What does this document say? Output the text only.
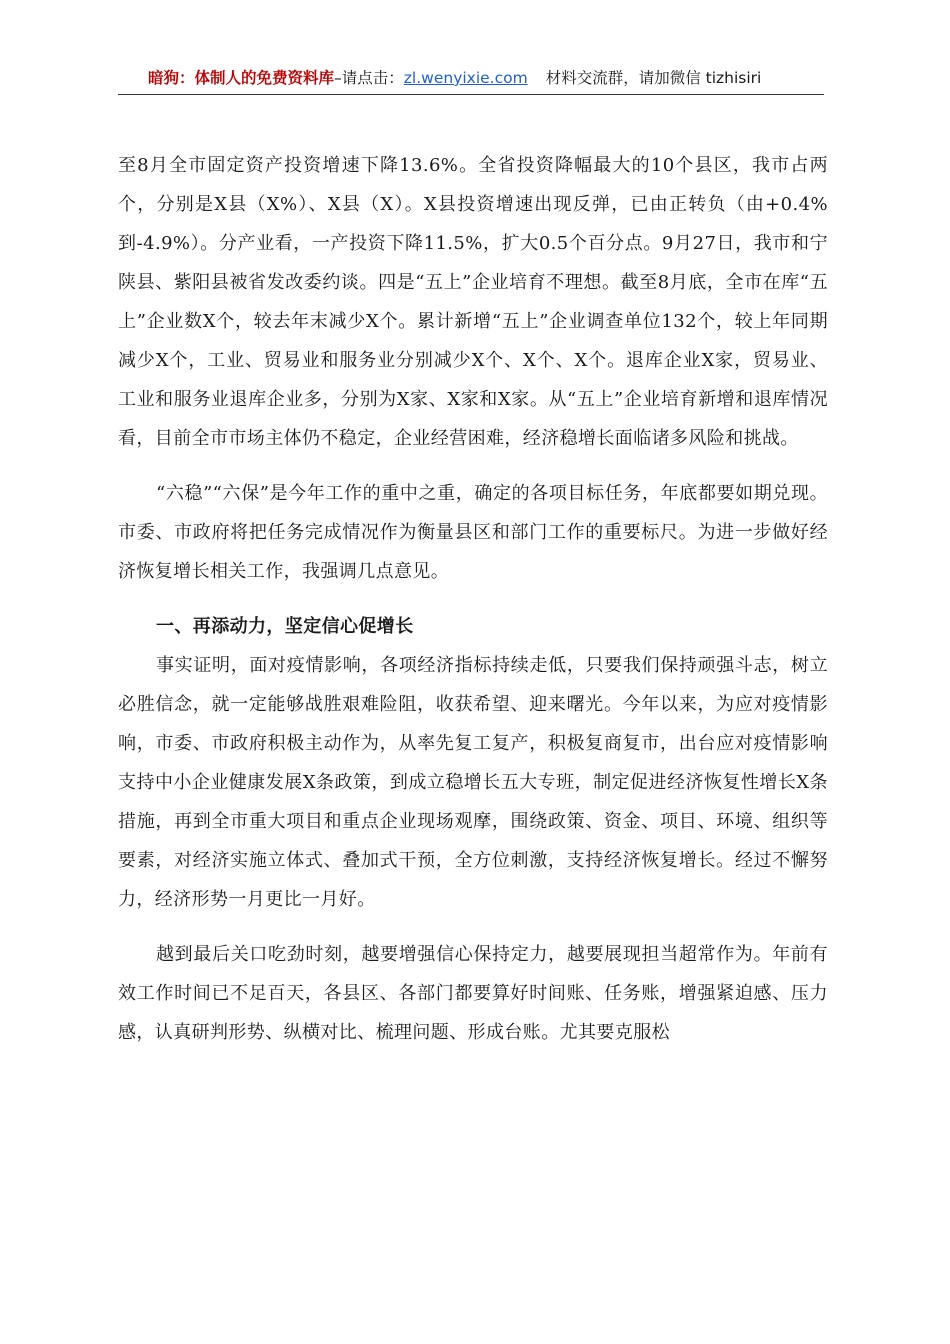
暗狗：体制人的免费资料库–请点击：zl.wenyixie.com 材料交流群，请加微信 tizhisiri

至8月全市固定资产投资增速下降13.6%。全省投资降幅最大的10个县区，我市占两个，分别是X县（X%）、X县（X）。X县投资增速出现反弹，已由正转负（由+0.4%到-4.9%）。分产业看，一产投资下降11.5%，扩大0.5个百分点。9月27日，我市和宁陕县、紫阳县被省发改委约谈。四是“五上”企业培育不理想。截至8月底，全市在库“五上”企业数X个，较去年末减少X个。累计新增“五上”企业调查单位132个，较上年同期减少X个，工业、贸易业和服务业分别减少X个、X个、X个。退库企业X家，贸易业、工业和服务业退库企业多，分别为X家、X家和X家。从“五上”企业培育新增和退库情况看，目前全市市场主体仍不稳定，企业经营困难，经济稳增长面临诸多风险和挑战。

“六稳”“六保”是今年工作的重中之重，确定的各项目标任务，年底都要如期兑现。市委、市政府将把任务完成情况作为衡量县区和部门工作的重要标尺。为进一步做好经济恢复增长相关工作，我强调几点意见。

一、再添动力，坚定信心促增长

事实证明，面对疫情影响，各项经济指标持续走低，只要我们保持顽强斗志，树立必胜信念，就一定能够战胜艰难险阻，收获希望、迎来曙光。今年以来，为应对疫情影响，市委、市政府积极主动作为，从率先复工复产，积极复商复市，出台应对疫情影响支持中小企业健康发展X条政策，到成立稳增长五大专班，制定促进经济恢复性增长X条措施，再到全市重大项目和重点企业现场观摩，围绕政策、资金、项目、环境、组织等要素，对经济实施立体式、叠加式干预，全方位刺激，支持经济恢复增长。经过不懈努力，经济形势一月更比一月好。

越到最后关口吃劲时刻，越要增强信心保持定力，越要展现担当超常作为。年前有效工作时间已不足百天，各县区、各部门都要算好时间账、任务账，增强紧迫感、压力感，认真研判形势、纵横对比、梳理问题、形成台账。尤其要克服松
